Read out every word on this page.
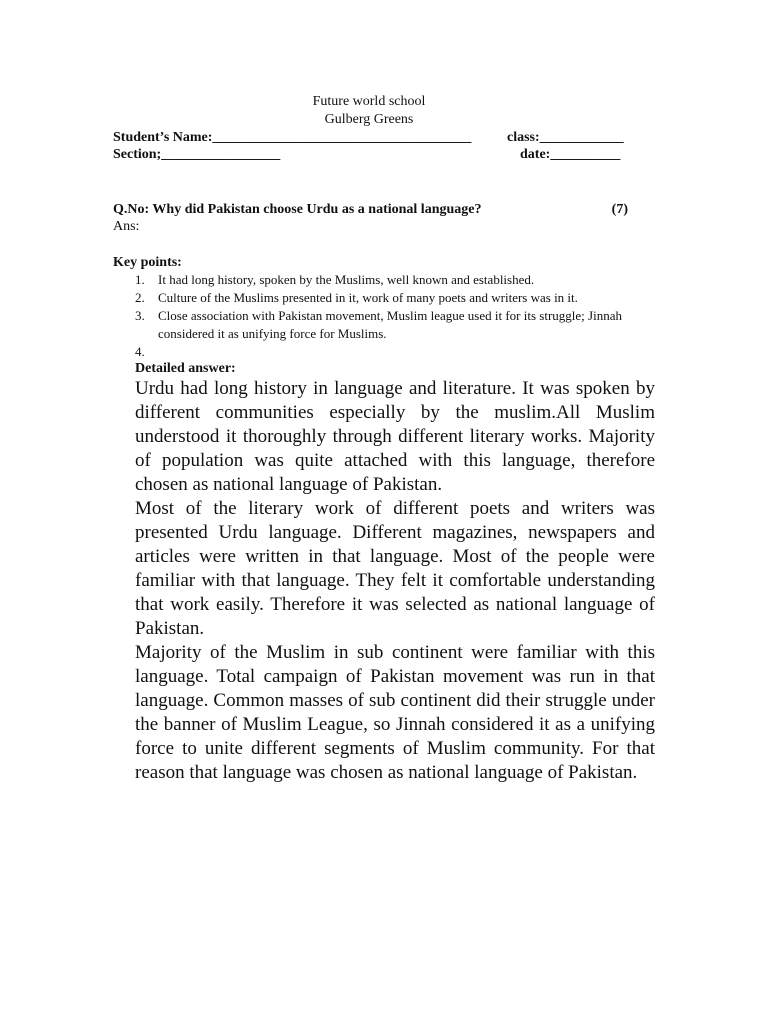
Future world school
Gulberg Greens
Student’s Name:_____________________________________	class:____________
Section;_________________	date:__________
Q.No: Why did Pakistan choose Urdu as a national language?	(7)
Ans:
Key points:
1. It had long history, spoken by the Muslims, well known and established.
2. Culture of the Muslims presented in it, work of many poets and writers was in it.
3. Close association with Pakistan movement, Muslim league used it for its struggle; Jinnah considered it as unifying force for Muslims.
4.

Detailed answer:

Urdu had long history in language and literature. It was spoken by different communities especially by the muslim.All Muslim understood it thoroughly through different literary works. Majority of population was quite attached with this language, therefore chosen as national language of Pakistan.

Most of the literary work of different poets and writers was presented Urdu language. Different magazines, newspapers and articles were written in that language. Most of the people were familiar with that language. They felt it comfortable understanding that work easily. Therefore it was selected as national language of Pakistan.

Majority of the Muslim in sub continent were familiar with this language. Total campaign of Pakistan movement was run in that language. Common masses of sub continent did their struggle under the banner of Muslim League, so Jinnah considered it as a unifying force to unite different segments of Muslim community. For that reason that language was chosen as national language of Pakistan.
